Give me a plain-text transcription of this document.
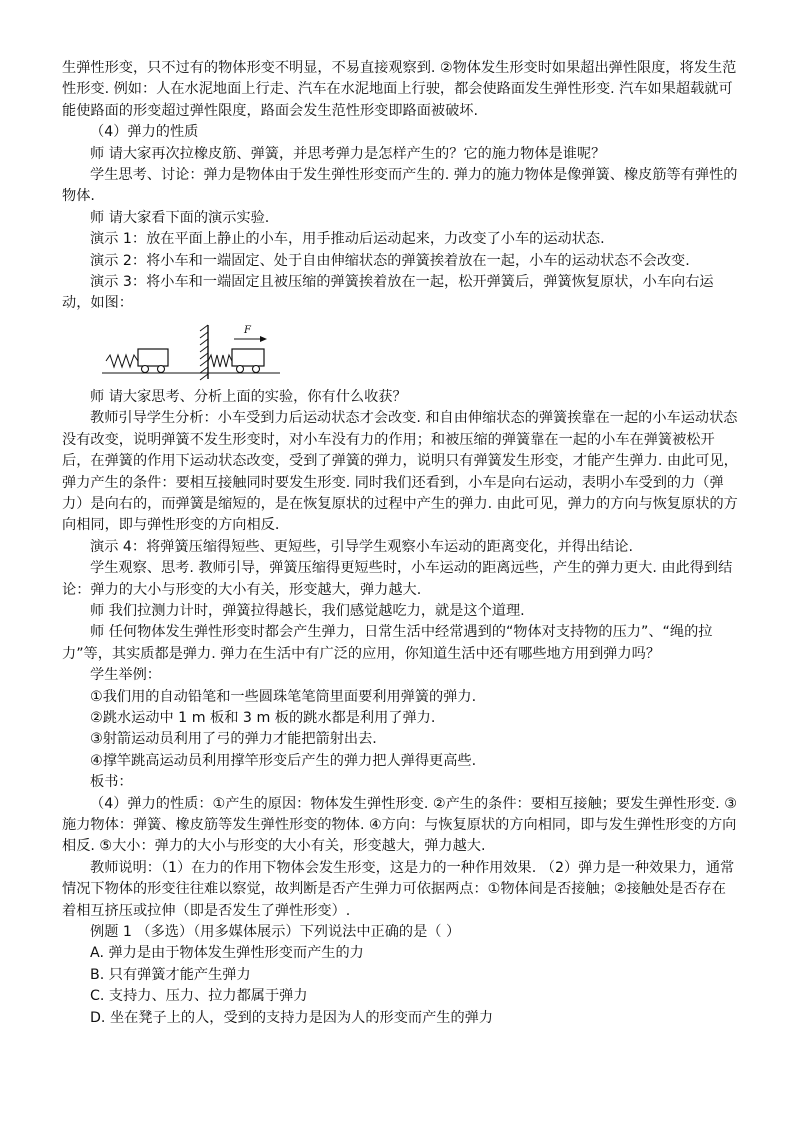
生弹性形变，只不过有的物体形变不明显，不易直接观察到. ②物体发生形变时如果超出弹性限度，将发生范性形变. 例如：人在水泥地面上行走、汽车在水泥地面上行驶，都会使路面发生弹性形变. 汽车如果超载就可能使路面的形变超过弹性限度，路面会发生范性形变即路面被破坏.

（4）弹力的性质

师 请大家再次拉橡皮筋、弹簧，并思考弹力是怎样产生的？它的施力物体是谁呢？

学生思考、讨论：弹力是物体由于发生弹性形变而产生的. 弹力的施力物体是像弹簧、橡皮筋等有弹性的物体.

师 请大家看下面的演示实验.

演示 1：放在平面上静止的小车，用手推动后运动起来，力改变了小车的运动状态.

演示 2：将小车和一端固定、处于自由伸缩状态的弹簧挨着放在一起，小车的运动状态不会改变.

演示 3：将小车和一端固定且被压缩的弹簧挨着放在一起，松开弹簧后，弹簧恢复原状，小车向右运动，如图：

F

师 请大家思考、分析上面的实验，你有什么收获？

教师引导学生分析：小车受到力后运动状态才会改变. 和自由伸缩状态的弹簧挨靠在一起的小车运动状态没有改变，说明弹簧不发生形变时，对小车没有力的作用；和被压缩的弹簧靠在一起的小车在弹簧被松开后，在弹簧的作用下运动状态改变，受到了弹簧的弹力，说明只有弹簧发生形变，才能产生弹力. 由此可见，弹力产生的条件：要相互接触同时要发生形变. 同时我们还看到，小车是向右运动，表明小车受到的力（弹力）是向右的，而弹簧是缩短的，是在恢复原状的过程中产生的弹力. 由此可见，弹力的方向与恢复原状的方向相同，即与弹性形变的方向相反.

演示 4：将弹簧压缩得短些、更短些，引导学生观察小车运动的距离变化，并得出结论.

学生观察、思考. 教师引导，弹簧压缩得更短些时，小车运动的距离远些，产生的弹力更大. 由此得到结论：弹力的大小与形变的大小有关，形变越大，弹力越大.

师 我们拉测力计时，弹簧拉得越长，我们感觉越吃力，就是这个道理.

师 任何物体发生弹性形变时都会产生弹力，日常生活中经常遇到的“物体对支持物的压力”、“绳的拉力”等，其实质都是弹力. 弹力在生活中有广泛的应用，你知道生活中还有哪些地方用到弹力吗？

学生举例：

①我们用的自动铅笔和一些圆珠笔笔筒里面要利用弹簧的弹力.

②跳水运动中 1 m 板和 3 m 板的跳水都是利用了弹力.

③射箭运动员利用了弓的弹力才能把箭射出去.

④撑竿跳高运动员利用撑竿形变后产生的弹力把人弹得更高些.

板书：

（4）弹力的性质：①产生的原因：物体发生弹性形变. ②产生的条件：要相互接触；要发生弹性形变. ③施力物体：弹簧、橡皮筋等发生弹性形变的物体. ④方向：与恢复原状的方向相同，即与发生弹性形变的方向相反. ⑤大小：弹力的大小与形变的大小有关，形变越大，弹力越大.

教师说明：（1）在力的作用下物体会发生形变，这是力的一种作用效果. （2）弹力是一种效果力，通常情况下物体的形变往往难以察觉，故判断是否产生弹力可依据两点：①物体间是否接触；②接触处是否存在着相互挤压或拉伸（即是否发生了弹性形变）.

例题 1 （多选）（用多媒体展示）下列说法中正确的是（ ）

A. 弹力是由于物体发生弹性形变而产生的力

B. 只有弹簧才能产生弹力

C. 支持力、压力、拉力都属于弹力

D. 坐在凳子上的人，受到的支持力是因为人的形变而产生的弹力
